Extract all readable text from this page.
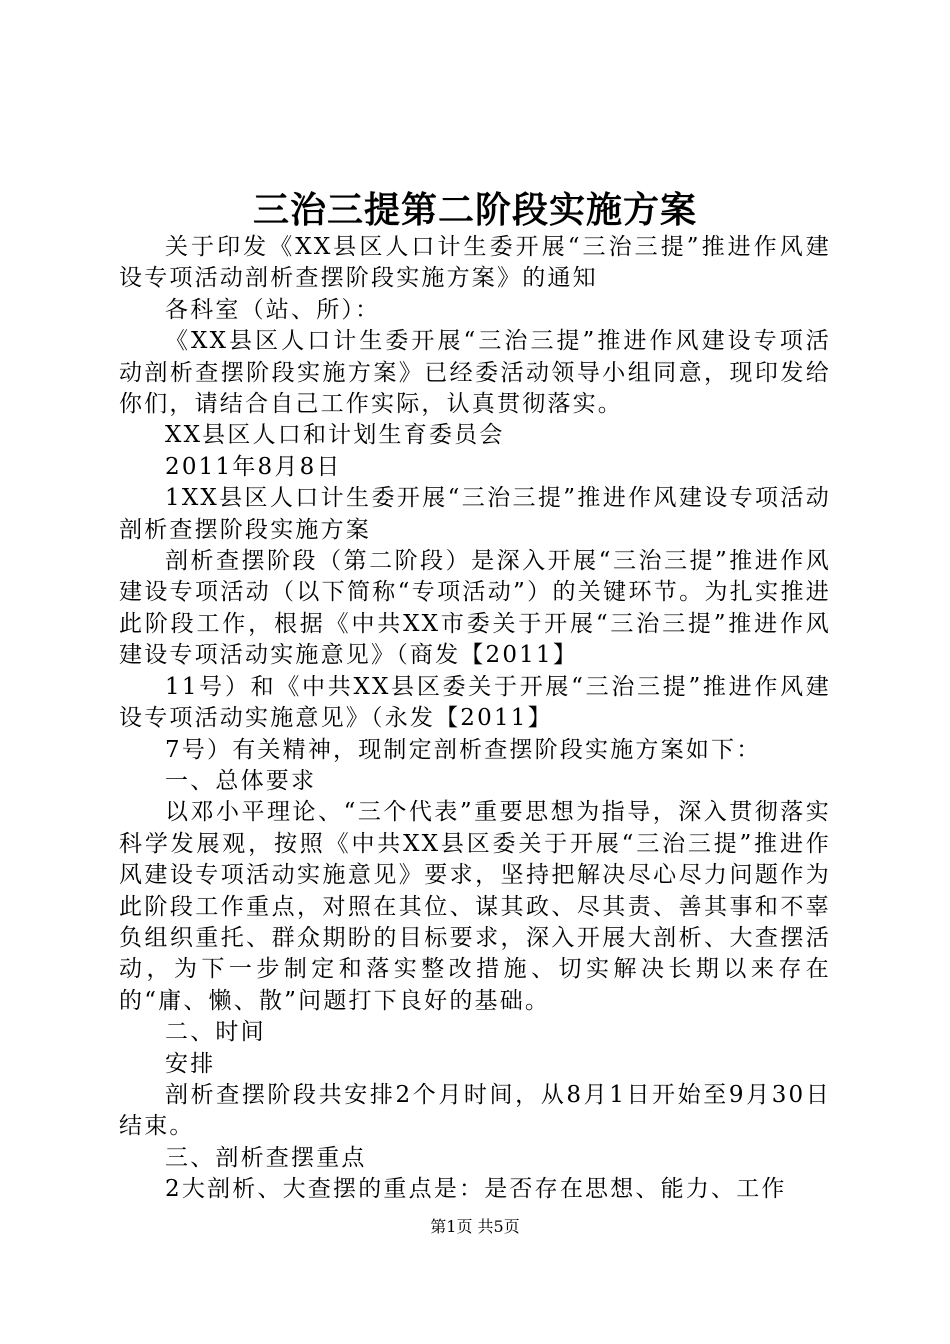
三治三提第二阶段实施方案

关于印发《XX县区人口计生委开展“三治三提”推进作风建设专项活动剖析查摆阶段实施方案》的通知

各科室（站、所）：

《XX县区人口计生委开展“三治三提”推进作风建设专项活动剖析查摆阶段实施方案》已经委活动领导小组同意，现印发给你们，请结合自己工作实际，认真贯彻落实。

XX县区人口和计划生育委员会

2011年8月8日

1XX县区人口计生委开展“三治三提”推进作风建设专项活动剖析查摆阶段实施方案

剖析查摆阶段（第二阶段）是深入开展“三治三提”推进作风建设专项活动（以下简称“专项活动”）的关键环节。为扎实推进此阶段工作，根据《中共XX市委关于开展“三治三提”推进作风建设专项活动实施意见》（商发【2011】

11号）和《中共XX县区委关于开展“三治三提”推进作风建设专项活动实施意见》（永发【2011】

7号）有关精神，现制定剖析查摆阶段实施方案如下：

一、总体要求

以邓小平理论、“三个代表”重要思想为指导，深入贯彻落实科学发展观，按照《中共XX县区委关于开展“三治三提”推进作风建设专项活动实施意见》要求，坚持把解决尽心尽力问题作为此阶段工作重点，对照在其位、谋其政、尽其责、善其事和不辜负组织重托、群众期盼的目标要求，深入开展大剖析、大查摆活动，为下一步制定和落实整改措施、切实解决长期以来存在的“庸、懒、散”问题打下良好的基础。

二、时间

安排

剖析查摆阶段共安排2个月时间，从8月1日开始至9月30日结束。

三、剖析查摆重点

2大剖析、大查摆的重点是：是否存在思想、能力、工作

第1页 共5页
